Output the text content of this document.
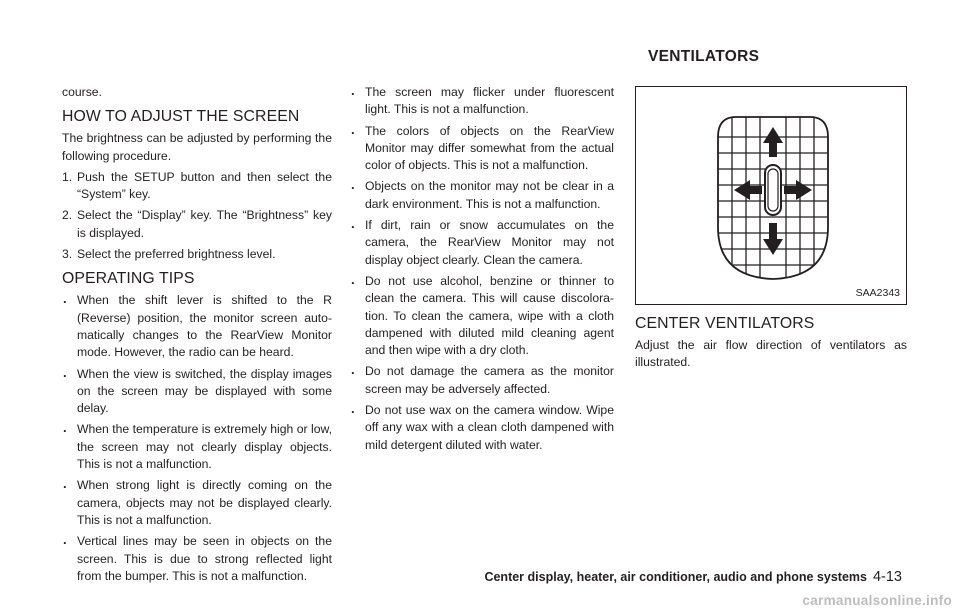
course.

HOW TO ADJUST THE SCREEN

The brightness can be adjusted by performing the following procedure.

1. Push the SETUP button and then select the “System” key.
2. Select the “Display” key. The “Brightness” key is displayed.
3. Select the preferred brightness level.
OPERATING TIPS
. When the shift lever is shifted to the R (Reverse) position, the monitor screen auto-matically changes to the RearView Monitor mode. However, the radio can be heard.
. When the view is switched, the display images on the screen may be displayed with some delay.
. When the temperature is extremely high or low, the screen may not clearly display objects. This is not a malfunction.
. When strong light is directly coming on the camera, objects may not be displayed clearly. This is not a malfunction.
. Vertical lines may be seen in objects on the screen. This is due to strong reflected light from the bumper. This is not a malfunction.
. The screen may flicker under fluorescent light. This is not a malfunction.
. The colors of objects on the RearView Monitor may differ somewhat from the actual color of objects. This is not a malfunction.
. Objects on the monitor may not be clear in a dark environment. This is not a malfunction.
. If dirt, rain or snow accumulates on the camera, the RearView Monitor may not display object clearly. Clean the camera.
. Do not use alcohol, benzine or thinner to clean the camera. This will cause discolora-tion. To clean the camera, wipe with a cloth dampened with diluted mild cleaning agent and then wipe with a dry cloth.
. Do not damage the camera as the monitor screen may be adversely affected.
. Do not use wax on the camera window. Wipe off any wax with a clean cloth dampened with mild detergent diluted with water.
VENTILATORS
SAA2343
CENTER VENTILATORS

Adjust the air flow direction of ventilators as illustrated.

Center display, heater, air conditioner, audio and phone systems 4-13
carmanualsonline.info
